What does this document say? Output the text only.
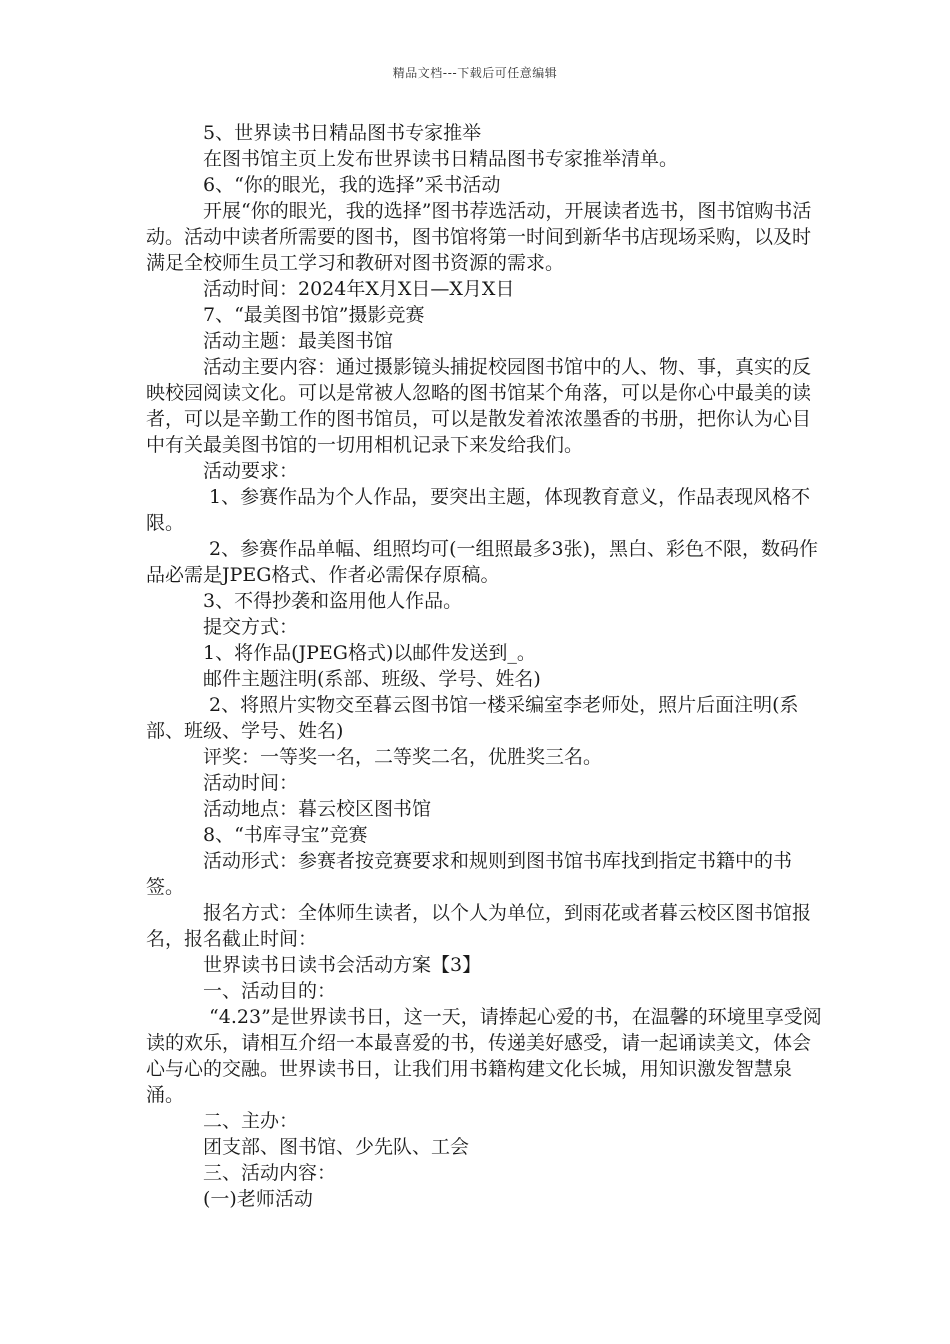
精品文档---下载后可任意编辑

5、世界读书日精品图书专家推举

在图书馆主页上发布世界读书日精品图书专家推举清单。

6、“你的眼光，我的选择”采书活动

开展“你的眼光，我的选择”图书荐选活动，开展读者选书，图书馆购书活动。活动中读者所需要的图书，图书馆将第一时间到新华书店现场采购，以及时满足全校师生员工学习和教研对图书资源的需求。

活动时间：2024年X月X日—X月X日

7、“最美图书馆”摄影竞赛

活动主题：最美图书馆

活动主要内容：通过摄影镜头捕捉校园图书馆中的人、物、事，真实的反映校园阅读文化。可以是常被人忽略的图书馆某个角落，可以是你心中最美的读者，可以是辛勤工作的图书馆员，可以是散发着浓浓墨香的书册，把你认为心目中有关最美图书馆的一切用相机记录下来发给我们。

活动要求：

1、参赛作品为个人作品，要突出主题，体现教育意义，作品表现风格不限。

2、参赛作品单幅、组照均可(一组照最多3张)，黑白、彩色不限，数码作品必需是JPEG格式、作者必需保存原稿。

3、不得抄袭和盗用他人作品。

提交方式：

1、将作品(JPEG格式)以邮件发送到_。

邮件主题注明(系部、班级、学号、姓名)

2、将照片实物交至暮云图书馆一楼采编室李老师处，照片后面注明(系部、班级、学号、姓名)

评奖：一等奖一名，二等奖二名，优胜奖三名。

活动时间：

活动地点：暮云校区图书馆

8、“书库寻宝”竞赛

活动形式：参赛者按竞赛要求和规则到图书馆书库找到指定书籍中的书签。

报名方式：全体师生读者，以个人为单位，到雨花或者暮云校区图书馆报名，报名截止时间：

世界读书日读书会活动方案【3】

一、活动目的：

“4.23”是世界读书日，这一天，请捧起心爱的书，在温馨的环境里享受阅读的欢乐，请相互介绍一本最喜爱的书，传递美好感受，请一起诵读美文，体会心与心的交融。世界读书日，让我们用书籍构建文化长城，用知识激发智慧泉涌。

二、主办：

团支部、图书馆、少先队、工会

三、活动内容：

(一)老师活动
